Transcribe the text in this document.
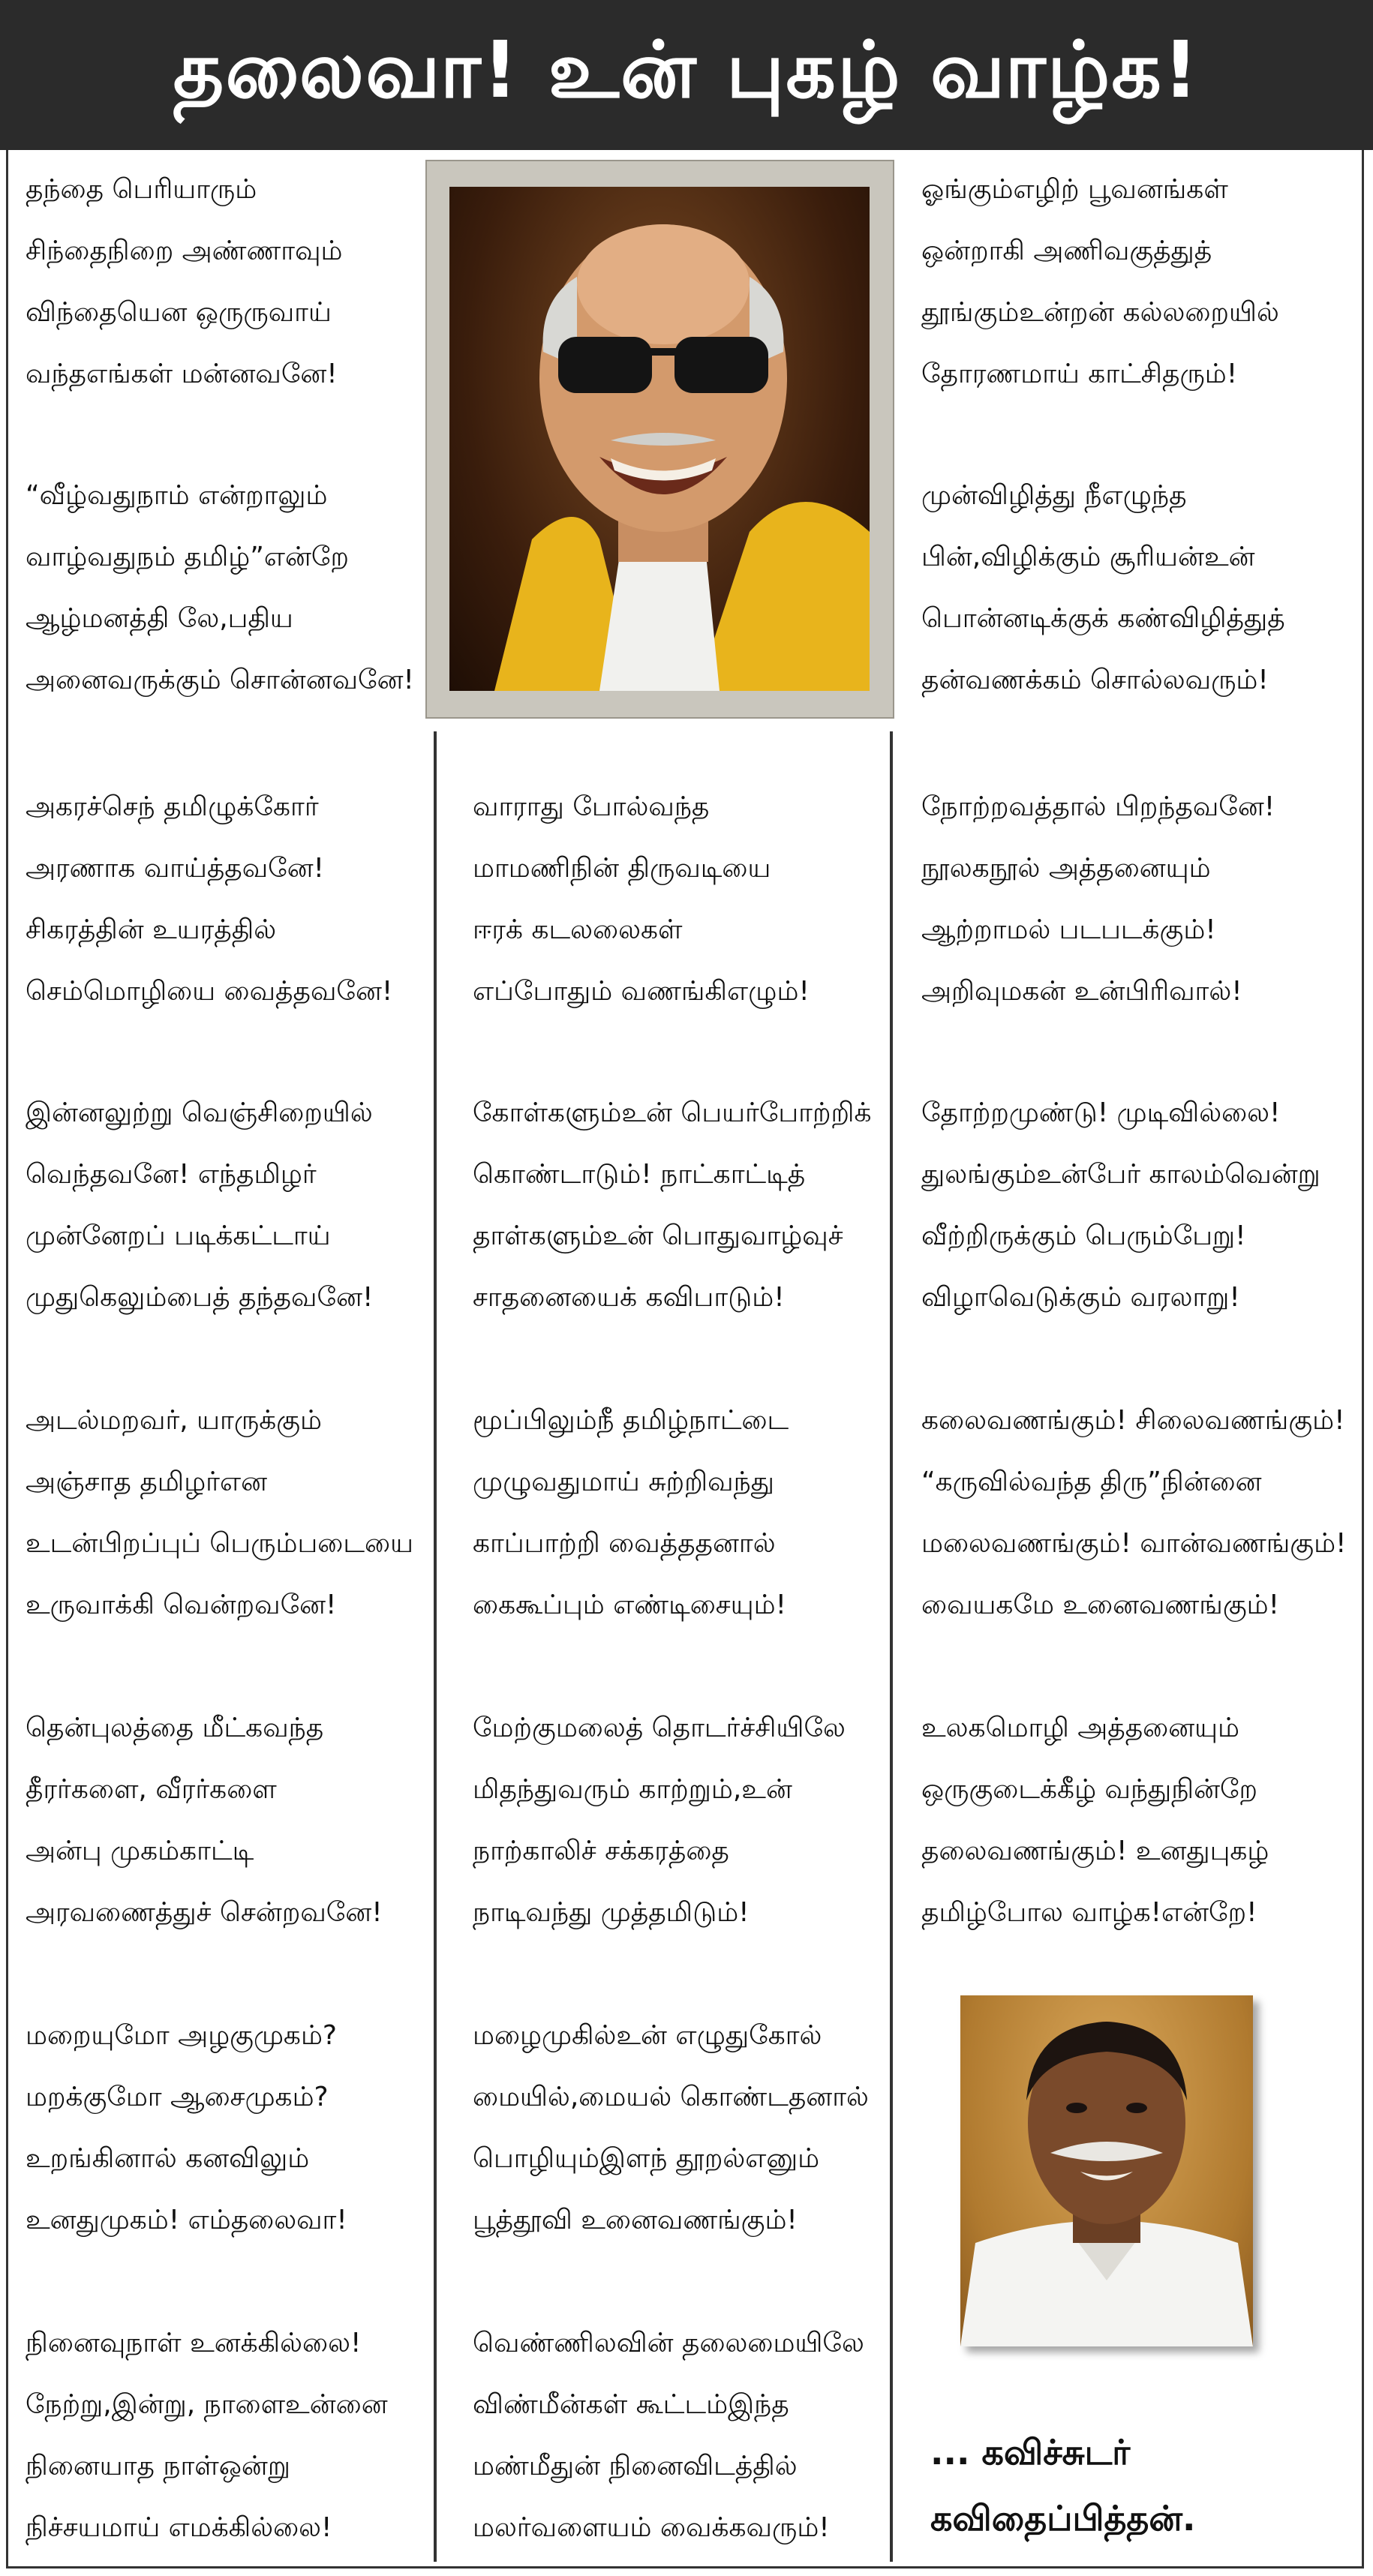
தலைவா! உன் புகழ் வாழ்க!
தந்தை பெரியாரும்
சிந்தைநிறை அண்ணாவும்
விந்தையென ஒருருவாய்
வந்தஎங்கள் மன்னவனே!
“வீழ்வதுநாம் என்றாலும்
வாழ்வதுநம் தமிழ்”என்றே
ஆழ்மனத்தி லே,பதிய
அனைவருக்கும் சொன்னவனே!
அகரச்செந் தமிழுக்கோர்
அரணாக வாய்த்தவனே!
சிகரத்தின் உயரத்தில்
செம்மொழியை வைத்தவனே!
இன்னலுற்று வெஞ்சிறையில்
வெந்தவனே! எந்தமிழர்
முன்னேறப் படிக்கட்டாய்
முதுகெலும்பைத் தந்தவனே!
அடல்மறவர், யாருக்கும்
அஞ்சாத தமிழர்என
உடன்பிறப்புப் பெரும்படையை
உருவாக்கி வென்றவனே!
தென்புலத்தை மீட்கவந்த
தீரர்களை, வீரர்களை
அன்பு முகம்காட்டி
அரவணைத்துச் சென்றவனே!
மறையுமோ அழகுமுகம்?
மறக்குமோ ஆசைமுகம்?
உறங்கினால் கனவிலும்
உனதுமுகம்! எம்தலைவா!
நினைவுநாள் உனக்கில்லை!
நேற்று,இன்று, நாளைஉன்னை
நினையாத நாள்ஒன்று
நிச்சயமாய் எமக்கில்லை!
வாராது போல்வந்த
மாமணிநின் திருவடியை
ஈரக் கடலலைகள்
எப்போதும் வணங்கிஎழும்!
கோள்களும்உன் பெயர்போற்றிக்
கொண்டாடும்! நாட்காட்டித்
தாள்களும்உன் பொதுவாழ்வுச்
சாதனையைக் கவிபாடும்!
மூப்பிலும்நீ தமிழ்நாட்டை
முழுவதுமாய் சுற்றிவந்து
காப்பாற்றி வைத்ததனால்
கைகூப்பும் எண்டிசையும்!
மேற்குமலைத் தொடர்ச்சியிலே
மிதந்துவரும் காற்றும்,உன்
நாற்காலிச் சக்கரத்தை
நாடிவந்து முத்தமிடும்!
மழைமுகில்உன் எழுதுகோல்
மையில்,மையல் கொண்டதனால்
பொழியும்இளந் தூறல்எனும்
பூத்தூவி உனைவணங்கும்!
வெண்ணிலவின் தலைமையிலே
விண்மீன்கள் கூட்டம்இந்த
மண்மீதுன் நினைவிடத்தில்
மலர்வளையம் வைக்கவரும்!
ஓங்கும்எழிற் பூவனங்கள்
ஒன்றாகி அணிவகுத்துத்
தூங்கும்உன்றன் கல்லறையில்
தோரணமாய் காட்சிதரும்!
முன்விழித்து நீஎழுந்த
பின்,விழிக்கும் சூரியன்உன்
பொன்னடிக்குக் கண்விழித்துத்
தன்வணக்கம் சொல்லவரும்!
நோற்றவத்தால் பிறந்தவனே!
நூலகநூல் அத்தனையும்
ஆற்றாமல் படபடக்கும்!
அறிவுமகன் உன்பிரிவால்!
தோற்றமுண்டு! முடிவில்லை!
துலங்கும்உன்பேர் காலம்வென்று
வீற்றிருக்கும் பெரும்பேறு!
விழாவெடுக்கும் வரலாறு!
கலைவணங்கும்! சிலைவணங்கும்!
“கருவில்வந்த திரு”நின்னை
மலைவணங்கும்! வான்வணங்கும்!
வையகமே உனைவணங்கும்!
உலகமொழி அத்தனையும்
ஒருகுடைக்கீழ் வந்துநின்றே
தலைவணங்கும்! உனதுபுகழ்
தமிழ்போல வாழ்க!என்றே!
... கவிச்சுடர்
கவிதைப்பித்தன்.
